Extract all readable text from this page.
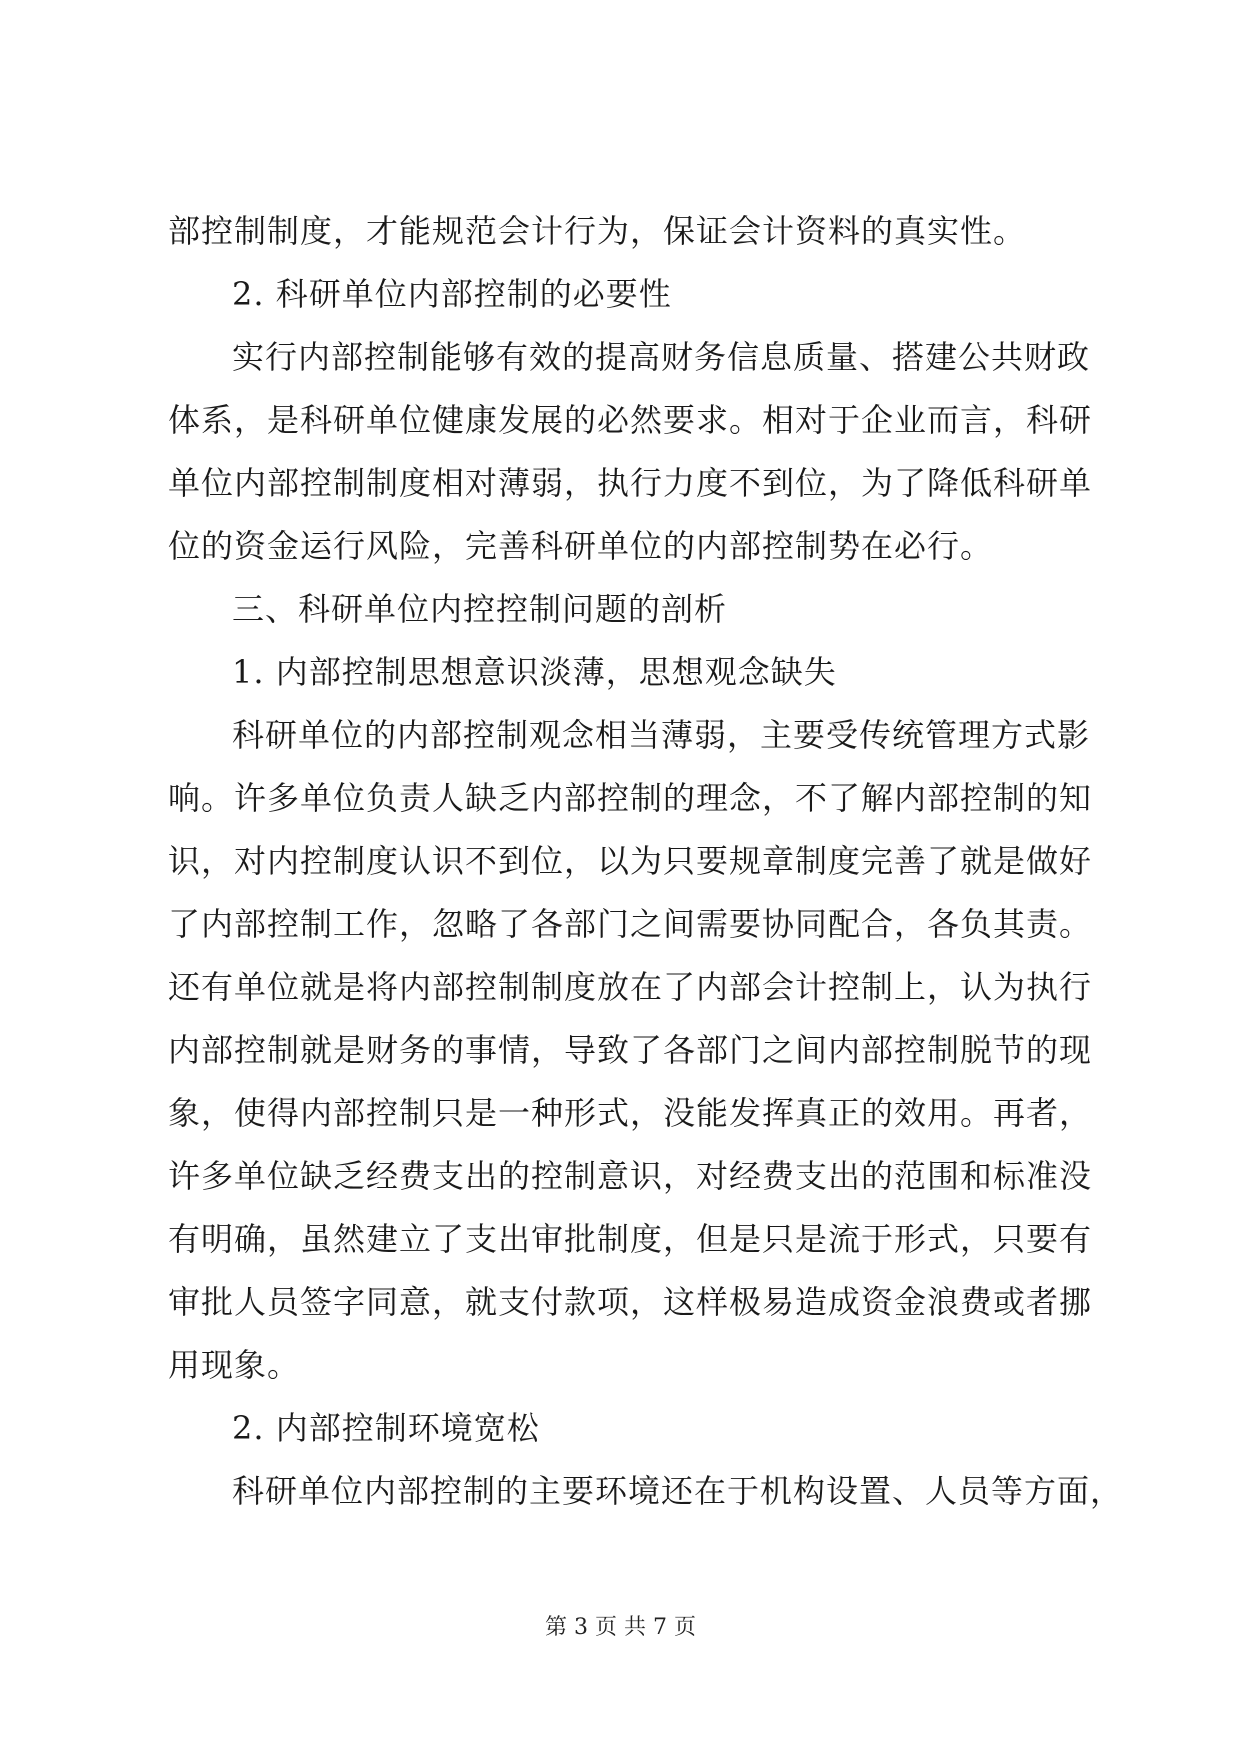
部控制制度，才能规范会计行为，保证会计资料的真实性。
2. 科研单位内部控制的必要性
实行内部控制能够有效的提高财务信息质量、搭建公共财政
体系，是科研单位健康发展的必然要求。相对于企业而言，科研
单位内部控制制度相对薄弱，执行力度不到位，为了降低科研单
位的资金运行风险，完善科研单位的内部控制势在必行。
三、科研单位内控控制问题的剖析
1. 内部控制思想意识淡薄，思想观念缺失
科研单位的内部控制观念相当薄弱，主要受传统管理方式影
响。许多单位负责人缺乏内部控制的理念，不了解内部控制的知
识，对内控制度认识不到位，以为只要规章制度完善了就是做好
了内部控制工作，忽略了各部门之间需要协同配合，各负其责。
还有单位就是将内部控制制度放在了内部会计控制上，认为执行
内部控制就是财务的事情，导致了各部门之间内部控制脱节的现
象，使得内部控制只是一种形式，没能发挥真正的效用。再者，
许多单位缺乏经费支出的控制意识，对经费支出的范围和标准没
有明确，虽然建立了支出审批制度，但是只是流于形式，只要有
审批人员签字同意，就支付款项，这样极易造成资金浪费或者挪
用现象。
2. 内部控制环境宽松
科研单位内部控制的主要环境还在于机构设置、人员等方面，
第 3 页 共 7 页
